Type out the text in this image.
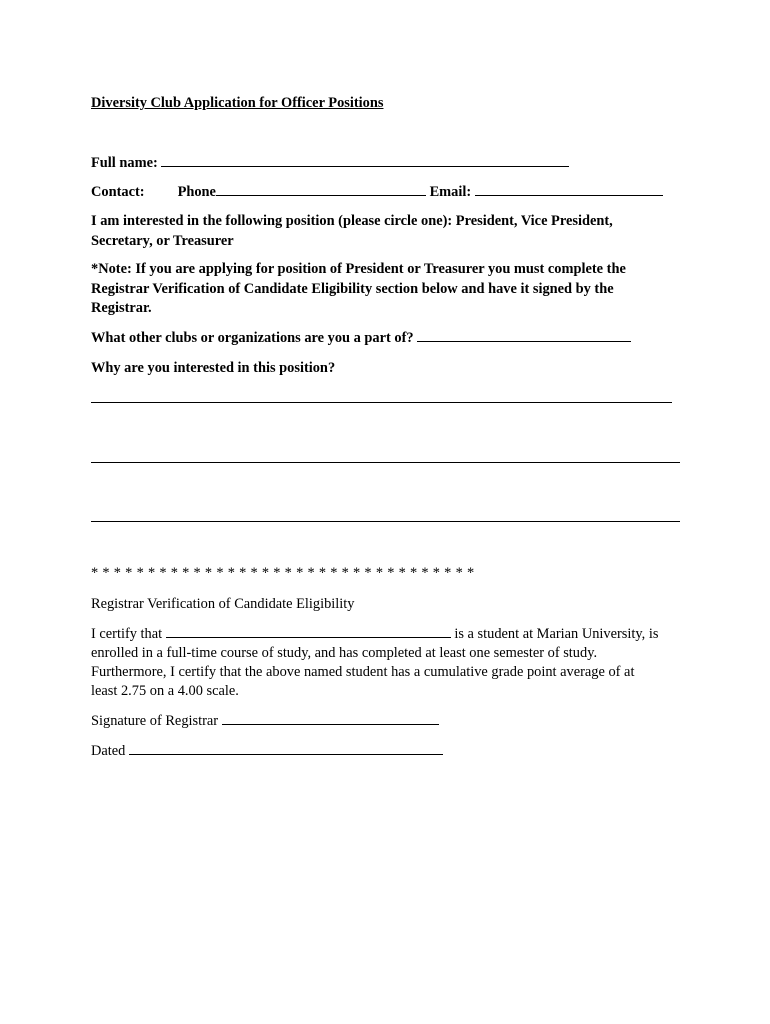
Diversity Club Application for Officer Positions
Full name:
Contact: Phone	Email:
I am interested in the following position (please circle one): President, Vice President,
Secretary, or Treasurer
*Note: If you are applying for position of President or Treasurer you must complete the
Registrar Verification of Candidate Eligibility section below and have it signed by the
Registrar.
What other clubs or organizations are you a part of?
Why are you interested in this position?
* * * * * * * * * * * * * * * * * * * * * * * * * * * * * * * * * *
Registrar Verification of Candidate Eligibility
I certify that	is a student at Marian University, is
enrolled in a full-time course of study, and has completed at least one semester of study.
Furthermore, I certify that the above named student has a cumulative grade point average of at
least 2.75 on a 4.00 scale.
Signature of Registrar
Dated
